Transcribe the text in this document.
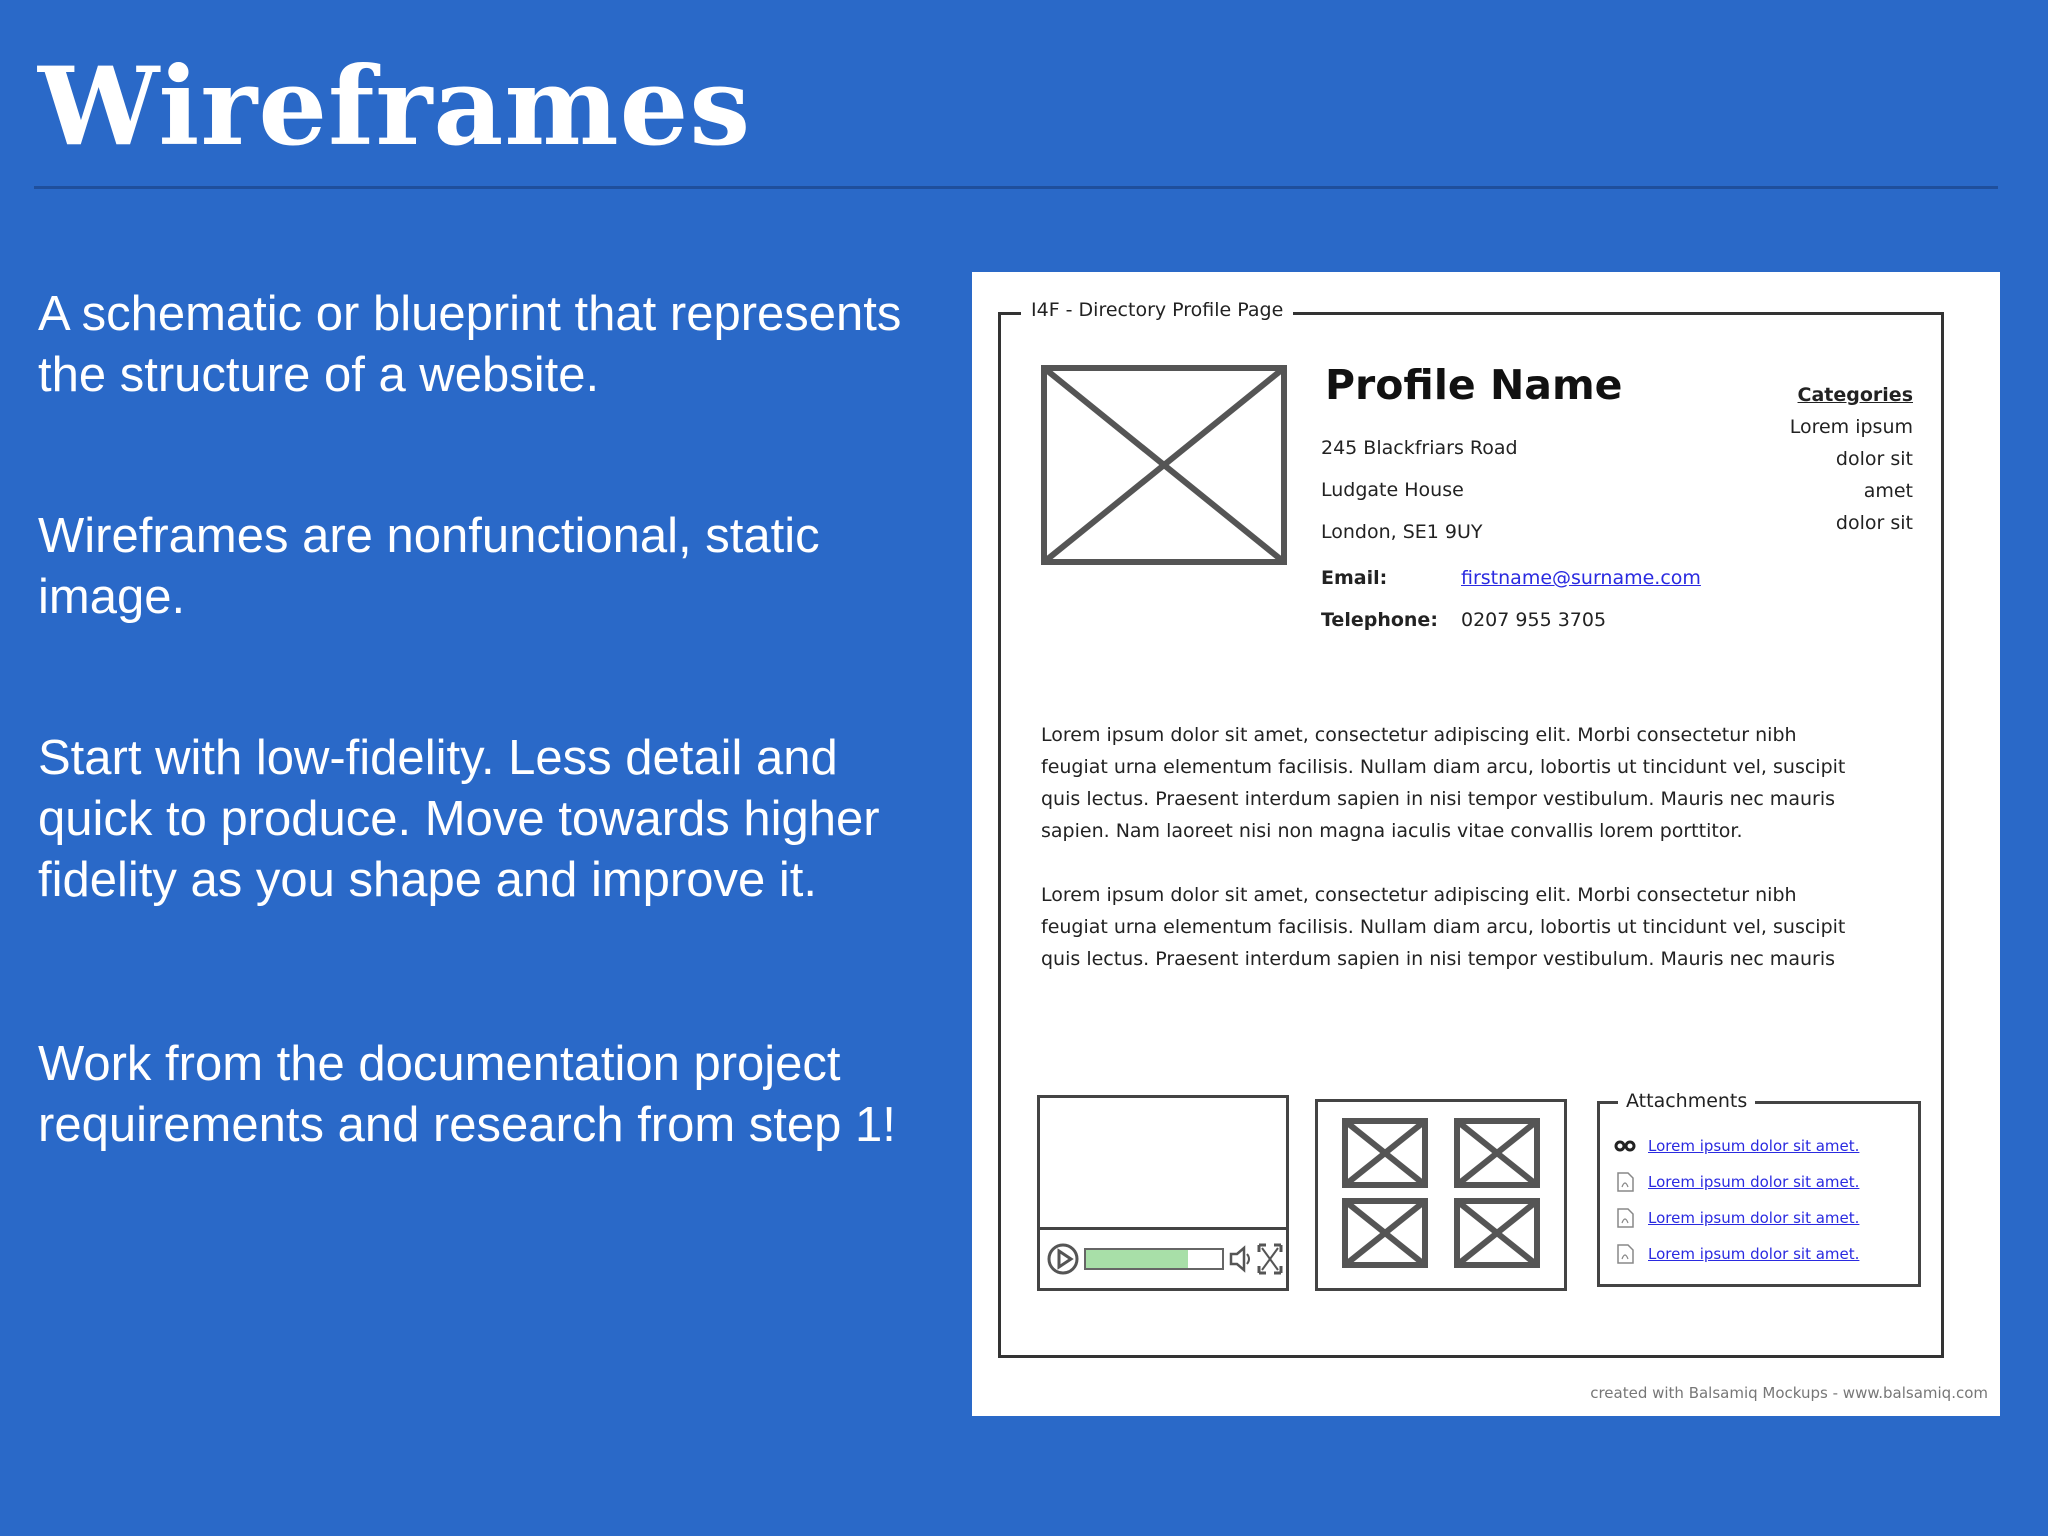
Wireframes
A schematic or blueprint that represents the structure of a website.
Wireframes are nonfunctional, static image.
Start with low-fidelity. Less detail and quick to produce. Move towards higher fidelity as you shape and improve it.
Work from the documentation project requirements and research from step 1!
I4F - Directory Profile Page
Profile Name
245 Blackfriars Road
Ludgate House
London, SE1 9UY
Email:	firstname@surname.com
Telephone: 0207 955 3705
Categories
Lorem ipsum
dolor sit
amet
dolor sit
Lorem ipsum dolor sit amet, consectetur adipiscing elit. Morbi consectetur nibh
feugiat urna elementum facilisis. Nullam diam arcu, lobortis ut tincidunt vel, suscipit
quis lectus. Praesent interdum sapien in nisi tempor vestibulum. Mauris nec mauris
sapien. Nam laoreet nisi non magna iaculis vitae convallis lorem porttitor.
Lorem ipsum dolor sit amet, consectetur adipiscing elit. Morbi consectetur nibh
feugiat urna elementum facilisis. Nullam diam arcu, lobortis ut tincidunt vel, suscipit
quis lectus. Praesent interdum sapien in nisi tempor vestibulum. Mauris nec mauris
Attachments
Lorem ipsum dolor sit amet.
Lorem ipsum dolor sit amet.
Lorem ipsum dolor sit amet.
Lorem ipsum dolor sit amet.
created with Balsamiq Mockups - www.balsamiq.com
